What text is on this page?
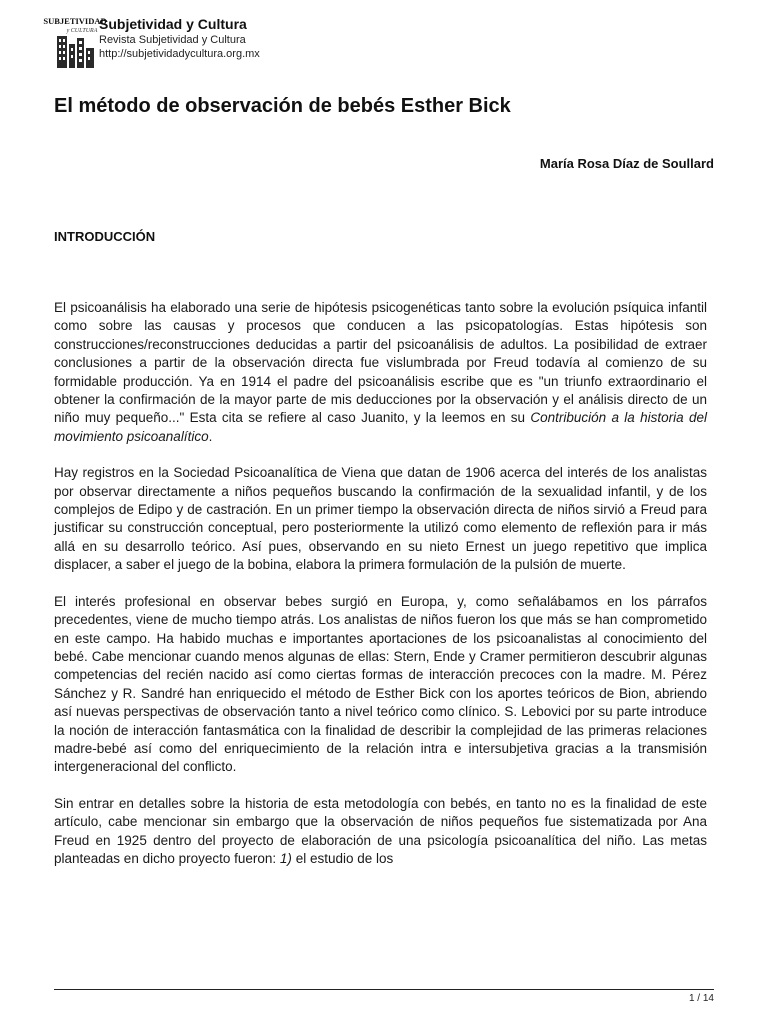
SUBJETIVIDAD
y CULTURA Subjetividad y Cultura
Revista Subjetividad y Cultura
http://subjetividadycultura.org.mx
El método de observación de bebés Esther Bick
María Rosa Díaz de Soullard
INTRODUCCIÓN

El psicoanálisis ha elaborado una serie de hipótesis psicogenéticas tanto sobre la evolución psíquica infantil como sobre las causas y procesos que conducen a las psicopatologías. Estas hipótesis son construcciones/reconstrucciones deducidas a partir del psicoanálisis de adultos. La posibilidad de extraer conclusiones a partir de la observación directa fue vislumbrada por Freud todavía al comienzo de su formidable producción. Ya en 1914 el padre del psicoanálisis escribe que es "un triunfo extraordinario el obtener la confirmación de la mayor parte de mis deducciones por la observación y el análisis directo de un niño muy pequeño..." Esta cita se refiere al caso Juanito, y la leemos en su Contribución a la historia del movimiento psicoanalítico.

Hay registros en la Sociedad Psicoanalítica de Viena que datan de 1906 acerca del interés de los analistas por observar directamente a niños pequeños buscando la confirmación de la sexualidad infantil, y de los complejos de Edipo y de castración. En un primer tiempo la observación directa de niños sirvió a Freud para justificar su construcción conceptual, pero posteriormente la utilizó como elemento de reflexión para ir más allá en su desarrollo teórico. Así pues, observando en su nieto Ernest un juego repetitivo que implica displacer, a saber el juego de la bobina, elabora la primera formulación de la pulsión de muerte.

El interés profesional en observar bebes surgió en Europa, y, como señalábamos en los párrafos precedentes, viene de mucho tiempo atrás. Los analistas de niños fueron los que más se han comprometido en este campo. Ha habido muchas e importantes aportaciones de los psicoanalistas al conocimiento del bebé. Cabe mencionar cuando menos algunas de ellas: Stern, Ende y Cramer permitieron descubrir algunas competencias del recién nacido así como ciertas formas de interacción precoces con la madre. M. Pérez Sánchez y R. Sandré han enriquecido el método de Esther Bick con los aportes teóricos de Bion, abriendo así nuevas perspectivas de observación tanto a nivel teórico como clínico. S. Lebovici por su parte introduce la noción de interacción fantasmática con la finalidad de describir la complejidad de las primeras relaciones madre-bebé así como del enriquecimiento de la relación intra e intersubjetiva gracias a la transmisión intergeneracional del conflicto.

Sin entrar en detalles sobre la historia de esta metodología con bebés, en tanto no es la finalidad de este artículo, cabe mencionar sin embargo que la observación de niños pequeños fue sistematizada por Ana Freud en 1925 dentro del proyecto de elaboración de una psicología psicoanalítica del niño. Las metas planteadas en dicho proyecto fueron: 1) el estudio de los

1 / 14
